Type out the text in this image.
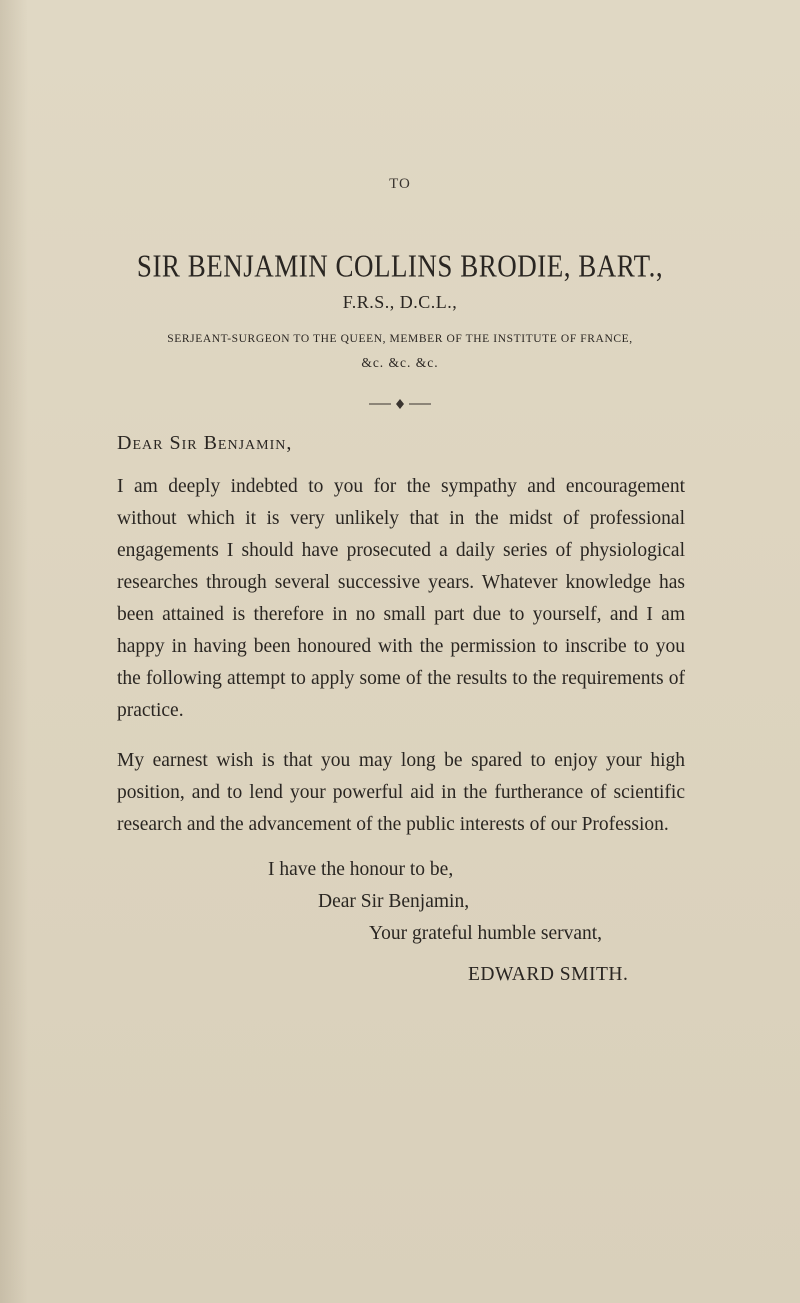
TO
SIR BENJAMIN COLLINS BRODIE, BART.,
F.R.S., D.C.L.,
SERJEANT-SURGEON TO THE QUEEN, MEMBER OF THE INSTITUTE OF FRANCE,
&c. &c. &c.
Dear Sir Benjamin,
I am deeply indebted to you for the sympathy and encouragement without which it is very unlikely that in the midst of professional engagements I should have prosecuted a daily series of physiological researches through several successive years. Whatever knowledge has been attained is therefore in no small part due to yourself, and I am happy in having been honoured with the permission to inscribe to you the following attempt to apply some of the results to the requirements of practice.
My earnest wish is that you may long be spared to enjoy your high position, and to lend your powerful aid in the furtherance of scientific research and the advancement of the public interests of our Profession.
I have the honour to be,
Dear Sir Benjamin,
Your grateful humble servant,
EDWARD SMITH.
